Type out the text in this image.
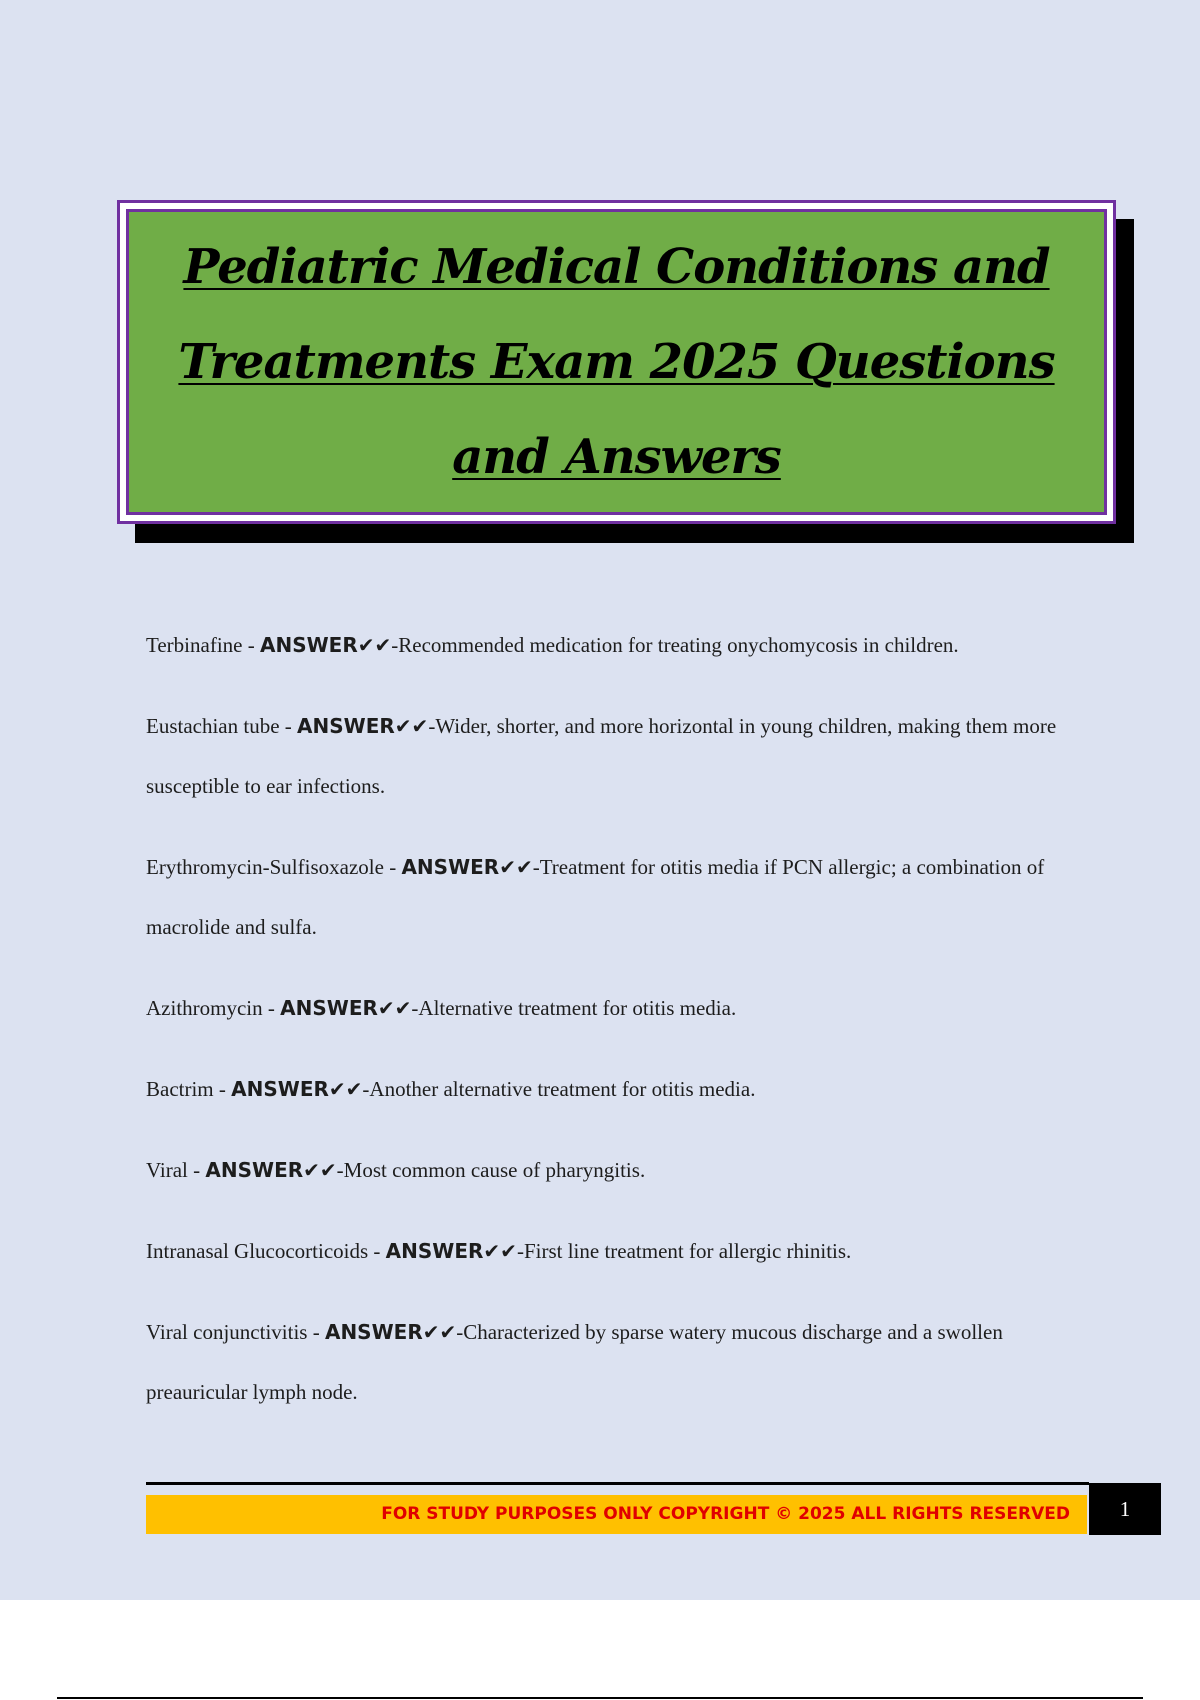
Pediatric Medical Conditions and Treatments Exam 2025 Questions and Answers
Terbinafine - ANSWER✔✔-Recommended medication for treating onychomycosis in children.
Eustachian tube - ANSWER✔✔-Wider, shorter, and more horizontal in young children, making them more susceptible to ear infections.
Erythromycin-Sulfisoxazole - ANSWER✔✔-Treatment for otitis media if PCN allergic; a combination of macrolide and sulfa.
Azithromycin - ANSWER✔✔-Alternative treatment for otitis media.
Bactrim - ANSWER✔✔-Another alternative treatment for otitis media.
Viral - ANSWER✔✔-Most common cause of pharyngitis.
Intranasal Glucocorticoids - ANSWER✔✔-First line treatment for allergic rhinitis.
Viral conjunctivitis - ANSWER✔✔-Characterized by sparse watery mucous discharge and a swollen preauricular lymph node.
FOR STUDY PURPOSES ONLY COPYRIGHT © 2025 ALL RIGHTS RESERVED	1
